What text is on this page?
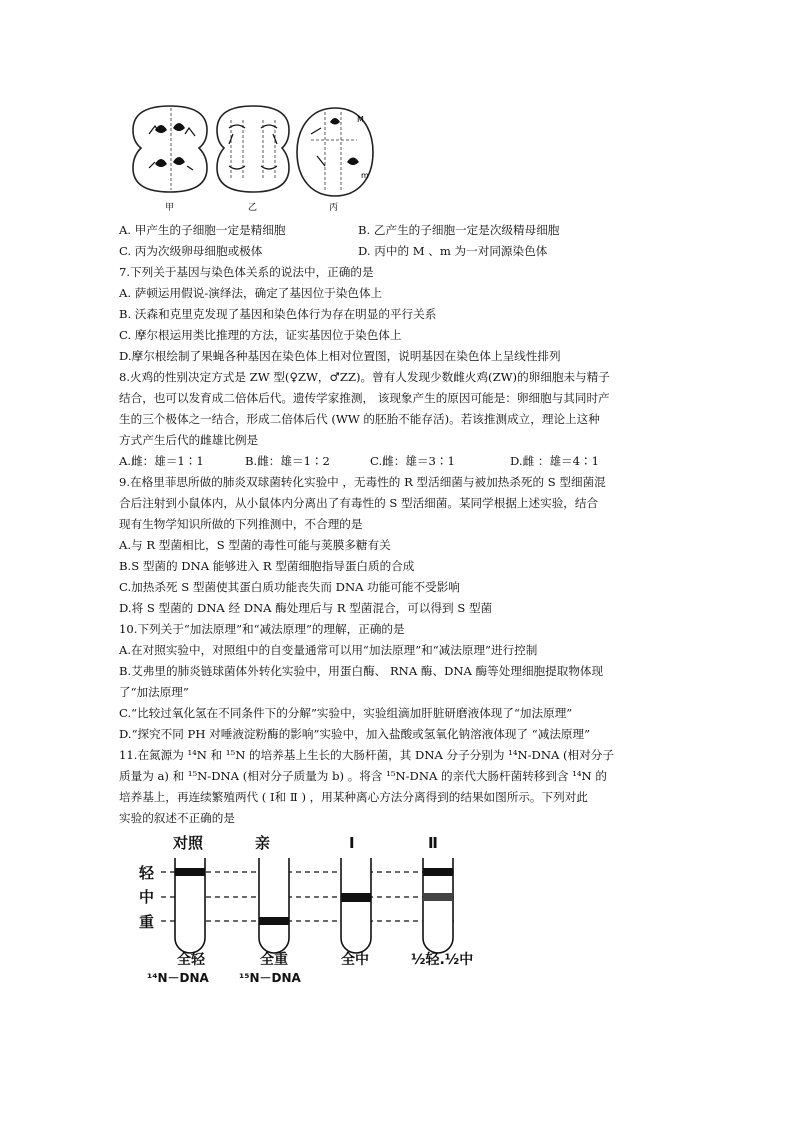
M
m
甲	乙	丙
A. 甲产生的子细胞一定是精细胞	B. 乙产生的子细胞一定是次级精母细胞
C. 丙为次级卵母细胞或极体	D. 丙中的 M 、m 为一对同源染色体
7.下列关于基因与染色体关系的说法中，正确的是
A. 萨顿运用假说-演绎法，确定了基因位于染色体上
B. 沃森和克里克发现了基因和染色体行为存在明显的平行关系
C. 摩尔根运用类比推理的方法，证实基因位于染色体上
D.摩尔根绘制了果蝇各种基因在染色体上相对位置图，说明基因在染色体上呈线性排列
8.火鸡的性别决定方式是 ZW 型(♀ZW，♂ZZ)。曾有人发现少数雌火鸡(ZW)的卵细胞未与精子
结合，也可以发育成二倍体后代。遗传学家推测， 该现象产生的原因可能是：卵细胞与其同时产
生的三个极体之一结合，形成二倍体后代 (WW 的胚胎不能存活)。若该推测成立，理论上这种
方式产生后代的雌雄比例是
A.雌：雄＝1∶1	B.雌：雄＝1∶2	C.雌：雄＝3∶1	D.雌 ：雄＝4∶1
9.在格里菲思所做的肺炎双球菌转化实验中 ，无毒性的 R 型活细菌与被加热杀死的 S 型细菌混
合后注射到小鼠体内，从小鼠体内分离出了有毒性的 S 型活细菌。某同学根据上述实验，结合
现有生物学知识所做的下列推测中，不合理的是
A.与 R 型菌相比，S 型菌的毒性可能与荚膜多糖有关
B.S 型菌的 DNA 能够进入 R 型菌细胞指导蛋白质的合成
C.加热杀死 S 型菌使其蛋白质功能丧失而 DNA 功能可能不受影响
D.将 S 型菌的 DNA 经 DNA 酶处理后与 R 型菌混合，可以得到 S 型菌
10.下列关于“加法原理”和“减法原理”的理解，正确的是
A.在对照实验中，对照组中的自变量通常可以用“加法原理”和“减法原理”进行控制
B.艾弗里的肺炎链球菌体外转化实验中，用蛋白酶、 RNA 酶、DNA 酶等处理细胞提取物体现
了“加法原理”
C.“比较过氧化氢在不同条件下的分解”实验中，实验组滴加肝脏研磨液体现了“加法原理”
D.“探究不同 PH 对唾液淀粉酶的影响”实验中，加入盐酸或氢氧化钠溶液体现了 “减法原理”
11.在氮源为 ¹⁴N 和 ¹⁵N 的培养基上生长的大肠杆菌，其 DNA 分子分别为 ¹⁴N-DNA (相对分子
质量为 a) 和 ¹⁵N-DNA (相对分子质量为 b) 。将含 ¹⁵N-DNA 的亲代大肠杆菌转移到含 ¹⁴N 的
培养基上，再连续繁殖两代 ( Ⅰ和 Ⅱ ) ，用某种离心方法分离得到的结果如图所示。下列对此
实验的叙述不正确的是
对照	亲	Ⅰ	Ⅱ
轻
中
重
全轻	全重	全中	½轻.½中
¹⁴N－DNA	¹⁵N－DNA
